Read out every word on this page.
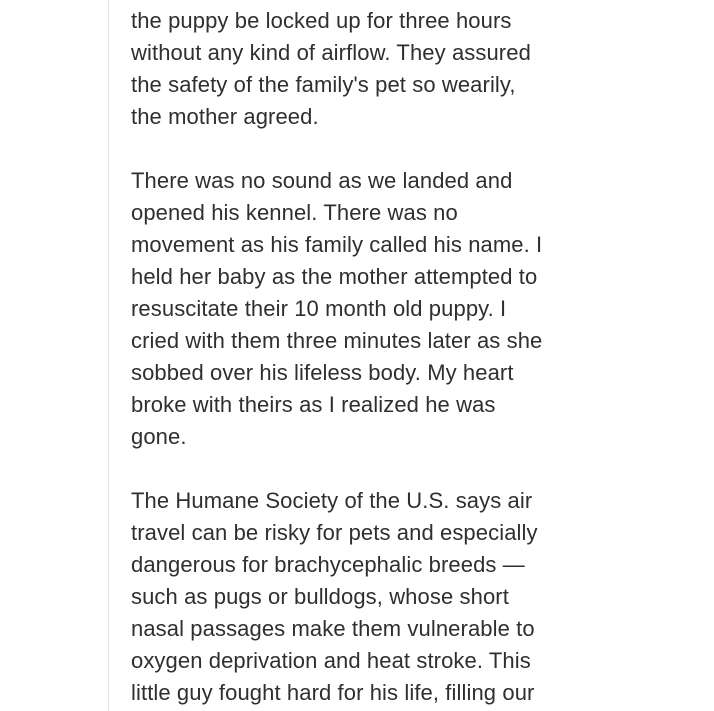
the puppy be locked up for three hours
without any kind of airflow. They assured
the safety of the family's pet so wearily,
the mother agreed.
There was no sound as we landed and
opened his kennel. There was no
movement as his family called his name. I
held her baby as the mother attempted to
resuscitate their 10 month old puppy. I
cried with them three minutes later as she
sobbed over his lifeless body. My heart
broke with theirs as I realized he was
gone.
The Humane Society of the U.S. says air
travel can be risky for pets and especially
dangerous for brachycephalic breeds —
such as pugs or bulldogs, whose short
nasal passages make them vulnerable to
oxygen deprivation and heat stroke. This
little guy fought hard for his life, filling our
